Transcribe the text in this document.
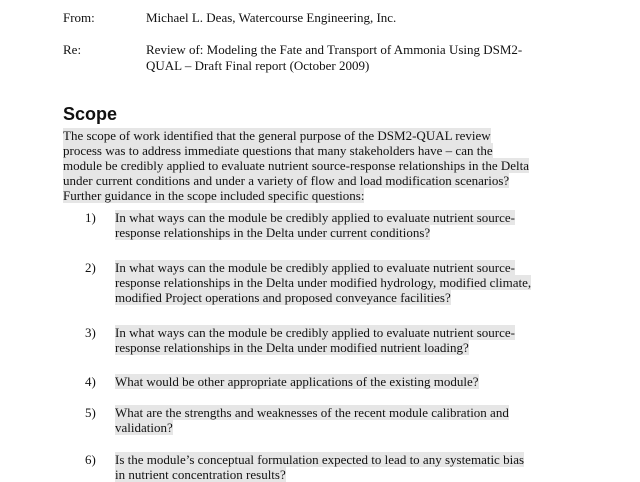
From:	Michael L. Deas, Watercourse Engineering, Inc.
Re:	Review of: Modeling the Fate and Transport of Ammonia Using DSM2-
QUAL – Draft Final report (October 2009)
Scope
The scope of work identified that the general purpose of the DSM2-QUAL review
process was to address immediate questions that many stakeholders have – can the
module be credibly applied to evaluate nutrient source-response relationships in the Delta
under current conditions and under a variety of flow and load modification scenarios?
Further guidance in the scope included specific questions:
1) In what ways can the module be credibly applied to evaluate nutrient source-
response relationships in the Delta under current conditions?
2) In what ways can the module be credibly applied to evaluate nutrient source-
response relationships in the Delta under modified hydrology, modified climate,
modified Project operations and proposed conveyance facilities?
3) In what ways can the module be credibly applied to evaluate nutrient source-
response relationships in the Delta under modified nutrient loading?
4) What would be other appropriate applications of the existing module?
5) What are the strengths and weaknesses of the recent module calibration and
validation?
6) Is the module’s conceptual formulation expected to lead to any systematic bias
in nutrient concentration results?
